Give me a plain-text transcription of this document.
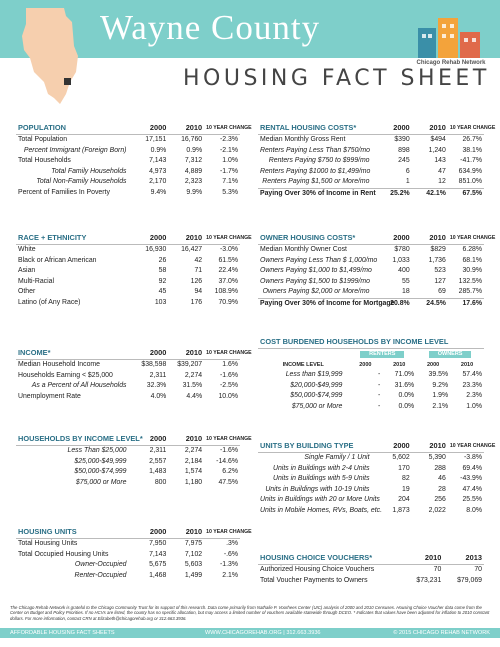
Wayne County
HOUSING FACT SHEET
Chicago Rehab Network
POPULATION	2000	2010	10 YEAR CHANGE
Total Population	17,151	16,760	-2.3%
Percent Immigrant (Foreign Born)	0.9%	0.9%	-2.1%
Total Households	7,143	7,312	1.0%
Total Family Households	4,973	4,889	-1.7%
Total Non-Family Households	2,170	2,323	7.1%
Percent of Families In Poverty	9.4%	9.9%	5.3%
RACE + ETHNICITY	2000	2010	10 YEAR CHANGE
White	16,930	16,427	-3.0%
Black or African American	26	42	61.5%
Asian	58	71	22.4%
Multi-Racial	92	126	37.0%
Other	45	94	108.9%
Latino (of Any Race)	103	176	70.9%
INCOME*	2000	2010	10 YEAR CHANGE
Median Household Income	$38,598	$39,207	1.6%
Households Earning < $25,000	2,311	2,274	-1.6%
As a Percent of All Households	32.3%	31.5%	-2.5%
Unemployment Rate	4.0%	4.4%	10.0%
HOUSEHOLDS BY INCOME LEVEL*	2000	2010	10 YEAR CHANGE
Less Than $25,000	2,311	2,274	-1.6%
$25,000-$49,999	2,557	2,184	-14.6%
$50,000-$74,999	1,483	1,574	6.2%
$75,000 or More	800	1,180	47.5%
HOUSING UNITS	2000	2010	10 YEAR CHANGE
Total Housing Units	7,950	7,975	.3%
Total Occupied Housing Units	7,143	7,102	-.6%
Owner-Occupied	5,675	5,603	-1.3%
Renter-Occupied	1,468	1,499	2.1%
RENTAL HOUSING COSTS*	2000	2010	10 YEAR CHANGE
Median Monthly Gross Rent	$390	$494	26.7%
Renters Paying Less Than $750/mo	898	1,240	38.1%
Renters Paying $750 to $999/mo	245	143	-41.7%
Renters Paying $1000 to $1,499/mo	6	47	634.9%
Renters Paying $1,500 or More/mo	1	12	851.0%
Paying Over 30% of Income in Rent	25.2%	42.1%	67.5%
OWNER HOUSING COSTS*	2000	2010	10 YEAR CHANGE
Median Monthly Owner Cost	$780	$829	6.28%
Owners Paying Less Than $ 1,000/mo	1,033	1,736	68.1%
Owners Paying $1,000 to $1,499/mo	400	523	30.9%
Owners Paying $1,500 to $1999/mo	55	127	132.5%
Owners Paying $2,000 or More/mo	18	69	285.7%
Paying Over 30% of Income for Mortgage	20.8%	24.5%	17.6%
COST BURDENED HOUSEHOLDS BY INCOME LEVEL				
	RENTERS		OWNERS	
INCOME LEVEL	2000	2010	2000	2010
Less than $19,999	-	71.0%	39.5%	57.4%
$20,000-$49,999	-	31.6%	9.2%	23.3%
$50,000-$74,999	-	0.0%	1.9%	2.3%
$75,000 or More	-	0.0%	2.1%	1.0%
UNITS BY BUILDING TYPE	2000	2010	10 YEAR CHANGE
Single Family / 1 Unit	5,602	5,390	-3.8%
Units in Buildings with 2-4 Units	170	288	69.4%
Units in Buildings with 5-9 Units	82	46	-43.9%
Units in Buildings with 10-19 Units	19	28	47.4%
Units in Buildings with 20 or More Units	204	256	25.5%
Units in Mobile Homes, RVs, Boats, etc.	1,873	2,022	8.0%
HOUSING CHOICE VOUCHERS*	2010	2013
Authorized Housing Choice Vouchers	70	70
Total Voucher Payments to Owners	$73,231	$79,069
The Chicago Rehab Network is grateful to the Chicago Community Trust for its support of this research. Data come primarily from Nathalie P. Voorhees Center (UIC) analysis of 2000 and 2010 Censuses. Housing Choice Voucher data come from the Center on Budget and Policy Priorities. If no HCVs are listed, the county has no specific allocation, but may access a limited number of vouchers available statewide through DCEO. * Indicates that values have been adjusted for inflation to 2010 constant dollars. For more information, contact CRN at Elizabeth@chicagorehab.org or 312.663.3936.
AFFORDABLE HOUSING FACT SHEETS	WWW.CHICAGOREHAB.ORG | 312.663.3936	© 2015 CHICAGO REHAB NETWORK
